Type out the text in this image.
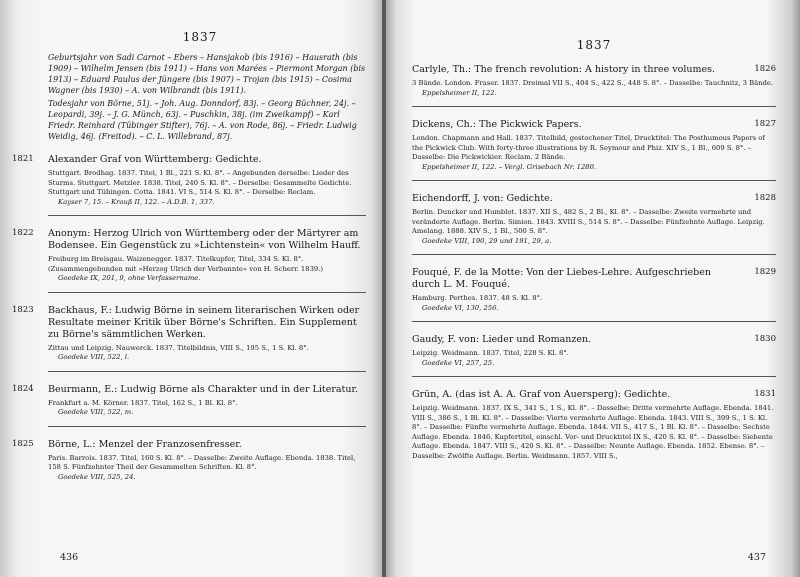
1837
Geburtsjahr von Sadi Carnot – Ebers – Hansjakob (bis 1916) – Hausrath (bis 1909) – Wilhelm Jensen (bis 1911) – Hans von Marées – Piermont Morgan (bis 1913) – Eduard Paulus der Jüngere (bis 1907) – Trojan (bis 1915) – Cosima Wagner (bis 1930) – A. von Wilbrandt (bis 1911).
Todesjahr von Börne, 51j. – Joh. Aug. Donndorf, 83j. – Georg Büchner, 24j. – Leopardi, 39j. – J. G. Münch, 63j. – Puschkin, 38j. (im Zweikampf) – Karl Friedr. Reinhard (Tübinger Stifter), 76j. – A. von Rode, 86j. – Friedr. Ludwig Weidig, 46j. (Freitod). – C. L. Willebrand, 87j.
1821 Alexander Graf von Württemberg: Gedichte.
Stuttgart. Brodhag. 1837. Titel, 1 Bl., 221 S. Kl. 8°. – Angebunden derselbe: Lieder des Sturms. Stuttgart. Metzler. 1838. Titel, 240 S. Kl. 8°. – Derselbe: Gesammelte Gedichte. Stuttgart und Tübingen. Cotta. 1841. VI S., 514 S. Kl. 8°. – Derselbe: Reclam.
Kayser 7, 15. – Krauß II, 122. – A.D.B. 1, 337.
1822 Anonym: Herzog Ulrich von Württemberg oder der Märtyrer am Bodensee. Ein Gegenstück zu »Lichtenstein« von Wilhelm Hauff.
Freiburg im Breisgau. Waizenegger. 1837. Titelkupfer, Titel, 334 S. Kl. 8°. (Zusammengebunden mit »Herzog Ulrich der Verbannte« von H. Scherr. 1839.)
Goedeke IX, 201, 9, ohne Verfassername.
1823 Backhaus, F.: Ludwig Börne in seinem literarischen Wirken oder Resultate meiner Kritik über Börne's Schriften. Ein Supplement zu Börne's sämmtlichen Werken.
Zittau und Leipzig. Nauwerck. 1837. Titelbildnis, VIII S., 195 S., 1 S. Kl. 8°.
Goedeke VIII, 522, l.
1824 Beurmann, E.: Ludwig Börne als Charakter und in der Literatur.
Frankfurt a. M. Körner. 1837. Titel, 162 S., 1 Bl. Kl. 8°.
Goedeke VIII, 522, m.
1825 Börne, L.: Menzel der Franzosenfresser.
Paris. Barrois. 1837. Titel, 160 S. Kl. 8°. – Dasselbe: Zweite Auflage. Ebenda. 1838. Titel, 158 S. Fünfzehnter Theil der Gesammelten Schriften. Kl. 8°.
Goedeke VIII, 525, 24.
436
1837
1826
Carlyle, Th.: The french revolution: A history in three volumes.
3 Bände. London. Fraser. 1837. Dreimal VII S., 404 S., 422 S., 448 S. 8°. – Dasselbe: Tauchnitz, 3 Bände.
Eppelsheimer II, 122.
1827
Dickens, Ch.: The Pickwick Papers.
London. Chapmann and Hall. 1837. Titelbild, gestochener Titel, Drucktitel: The Posthumous Papers of the Pickwick Club. With forty-three illustrations by R. Seymour and Phiz. XIV S., 1 Bl., 609 S. 8°. – Dasselbe: Die Pickwickier. Reclam. 2 Bände.
Eppelsheimer II, 122. – Vergl. Grisebach Nr. 1280.
1828
Eichendorff, J. von: Gedichte.
Berlin. Duncker und Humblot. 1837. XII S., 482 S., 2 Bl., Kl. 8°. – Dasselbe: Zweite vermehrte und veränderte Auflage. Berlin. Simion. 1843. XVIII S., 514 S. 8°. – Dasselbe: Fünfzehnte Auflage. Leipzig. Amelang. 1888. XIV S., 1 Bl., 500 S. 8°.
Goedeke VIII, 190, 29 und 191, 29, a.
1829
Fouqué, F. de la Motte: Von der Liebes-Lehre. Aufgeschrieben durch L. M. Fouqué.
Hamburg. Perthes. 1837. 48 S. Kl. 8°.
Goedeke VI, 130, 256.
1830
Gaudy, F. von: Lieder und Romanzen.
Leipzig. Weidmann. 1837. Titel, 228 S. Kl. 8°.
Goedeke VI, 257, 25.
1831
Grün, A. (das ist A. A. Graf von Auersperg): Gedichte.
Leipzig. Weidmann. 1837. IX S., 341 S., 1 S., Kl. 8°. – Dasselbe: Dritte vermehrte Auflage. Ebenda. 1841. VIII S., 386 S., 1 Bl. Kl. 8°. – Dasselbe: Vierte vermehrte Auflage. Ebenda. 1843. VIII S., 399 S., 1 S. Kl. 8°. – Dasselbe: Fünfte vermehrte Auflage. Ebenda. 1844. VII S., 417 S., 1 Bl. Kl. 8°. – Dasselbe: Sechste Auflage. Ebenda. 1846. Kupfertitel, einschl. Vor- und Drucktitel IX S., 420 S. Kl. 8°. – Dasselbe: Siebente Auflage. Ebenda. 1847. VIII S., 420 S. Kl. 8°. – Dasselbe: Neunte Auflage. Ebenda. 1852. Ebenso. 8°. – Dasselbe: Zwölfte Auflage. Berlin. Weidmann. 1857. VIII S.,
437
